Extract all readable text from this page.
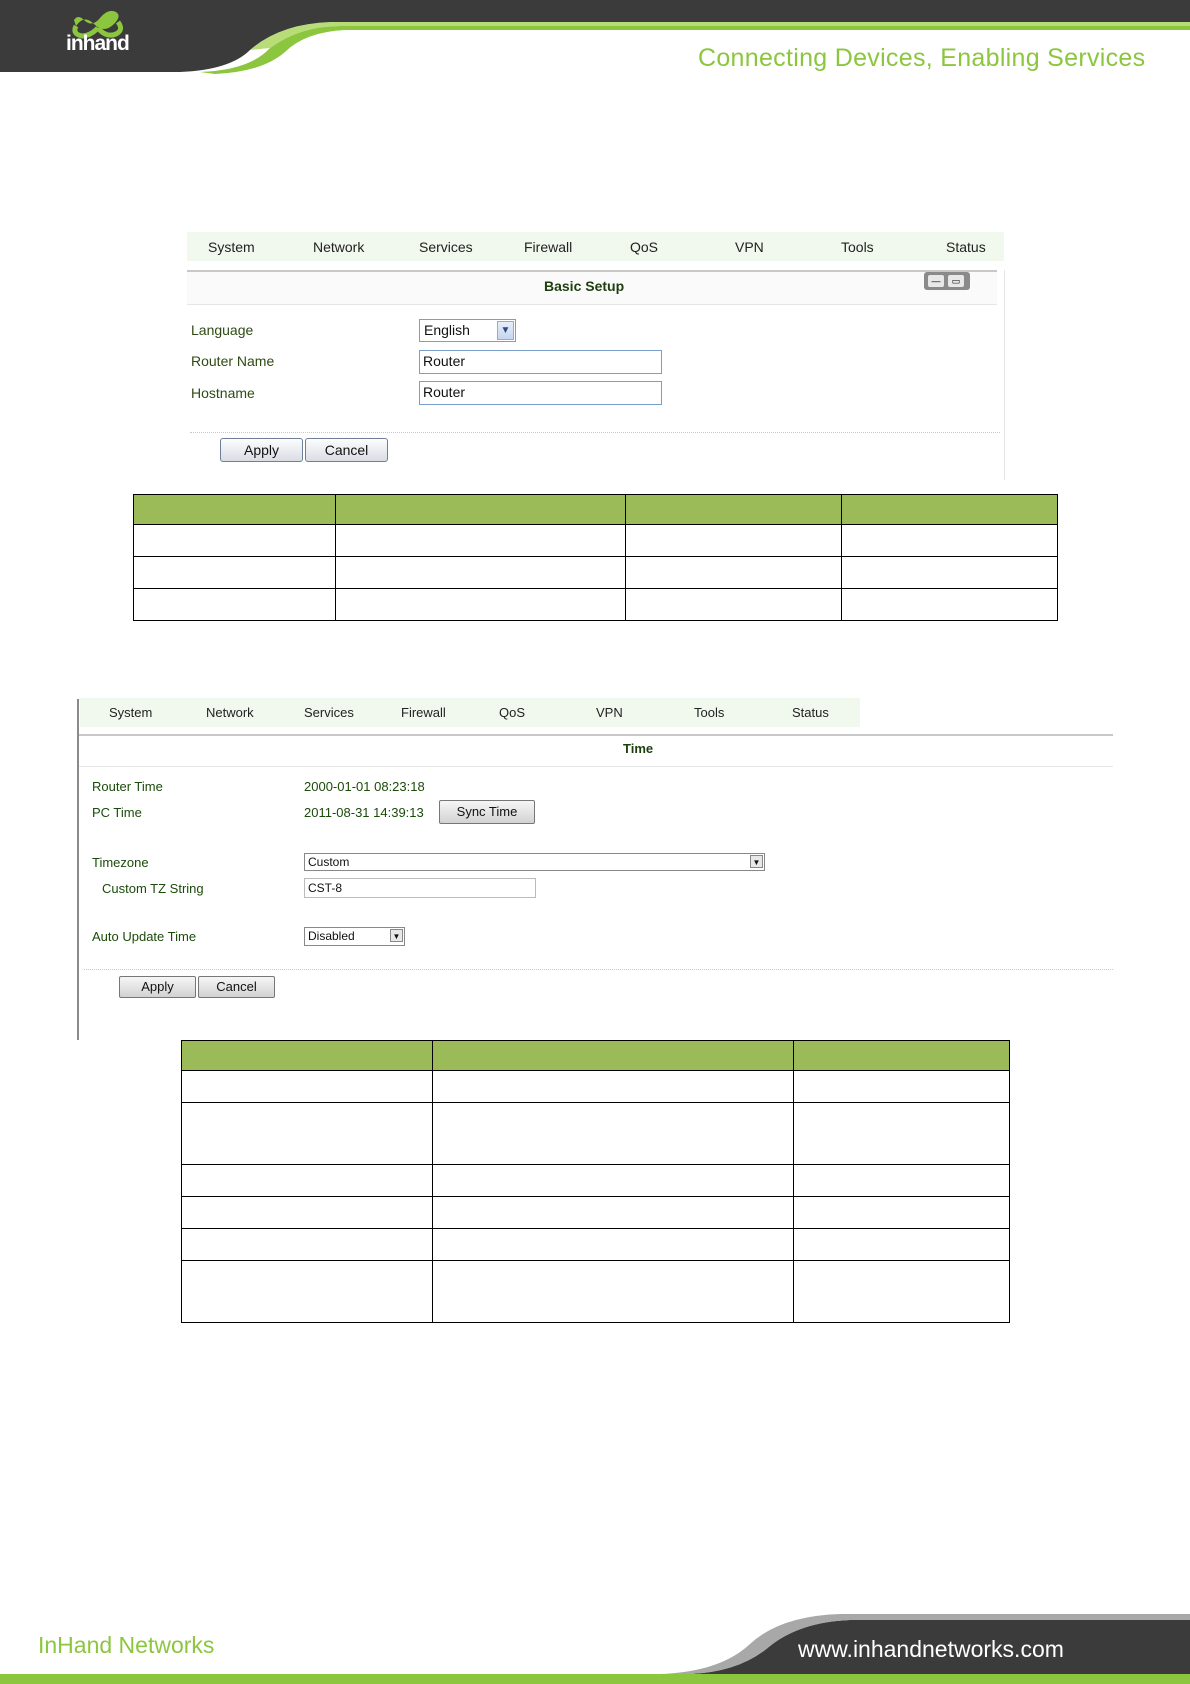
inhand
Connecting Devices, Enabling Services
System	Network	Services	Firewall	QoS	VPN	Tools	Status
Basic Setup	—	▭
Language	English	▼
Router Name	Router
Hostname	Router
Apply	Cancel

System	Network	Services	Firewall	QoS	VPN	Tools	Status
Time
Router Time	2000-01-01 08:23:18
PC Time	2011-08-31 14:39:13	Sync Time
Timezone	Custom	▼
Custom TZ String	CST-8
Auto Update Time	Disabled	▼
Apply	Cancel

InHand Networks	www.inhandnetworks.com
